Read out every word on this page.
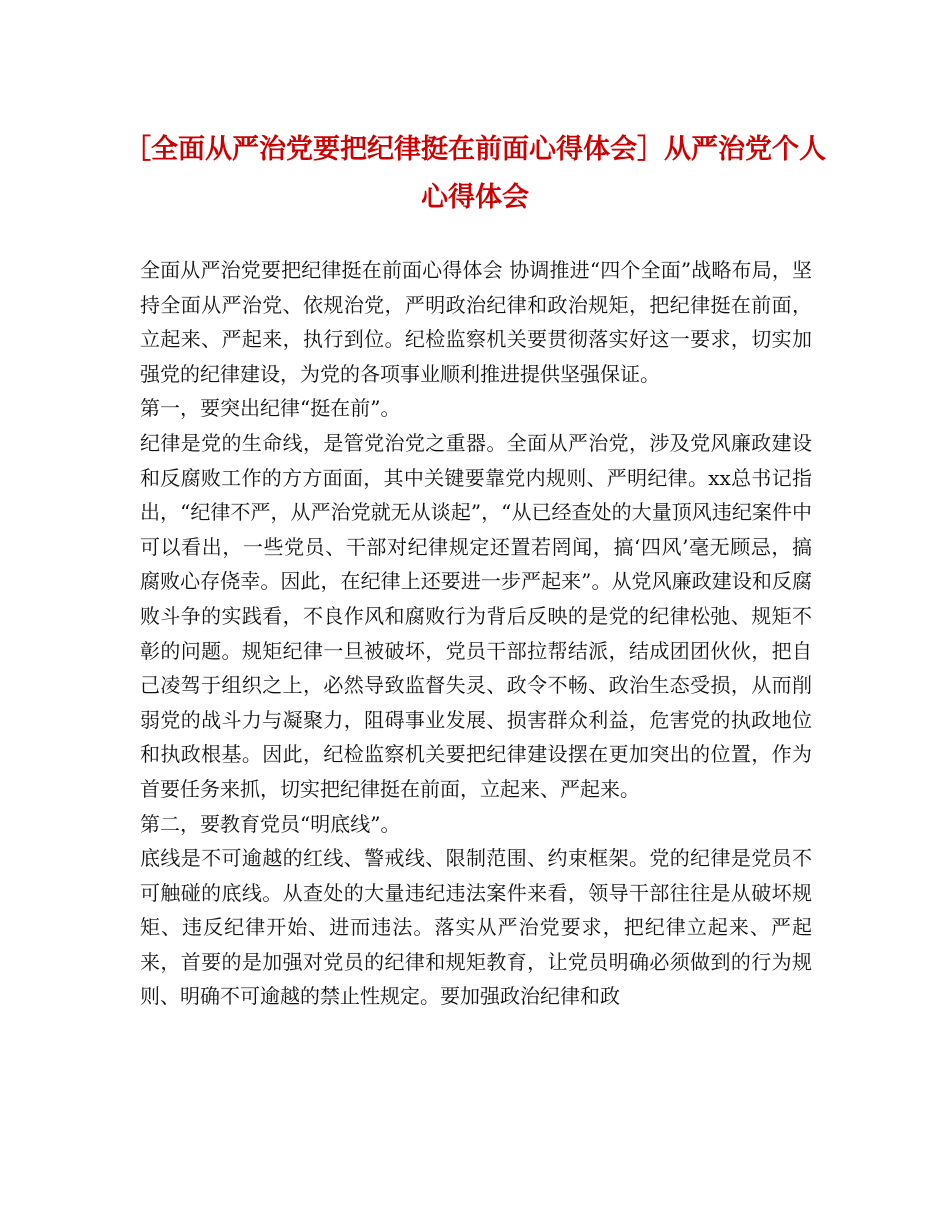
［全面从严治党要把纪律挺在前面心得体会］从严治党个人心得体会

全面从严治党要把纪律挺在前面心得体会 协调推进“四个全面”战略布局，坚持全面从严治党、依规治党，严明政治纪律和政治规矩，把纪律挺在前面，立起来、严起来，执行到位。纪检监察机关要贯彻落实好这一要求，切实加强党的纪律建设，为党的各项事业顺利推进提供坚强保证。

第一，要突出纪律“挺在前”。

纪律是党的生命线，是管党治党之重器。全面从严治党，涉及党风廉政建设和反腐败工作的方方面面，其中关键要靠党内规则、严明纪律。xx总书记指出，“纪律不严，从严治党就无从谈起”，“从已经查处的大量顶风违纪案件中可以看出，一些党员、干部对纪律规定还置若罔闻，搞‘四风’毫无顾忌，搞腐败心存侥幸。因此，在纪律上还要进一步严起来”。从党风廉政建设和反腐败斗争的实践看，不良作风和腐败行为背后反映的是党的纪律松弛、规矩不彰的问题。规矩纪律一旦被破坏，党员干部拉帮结派，结成团团伙伙，把自己凌驾于组织之上，必然导致监督失灵、政令不畅、政治生态受损，从而削弱党的战斗力与凝聚力，阻碍事业发展、损害群众利益，危害党的执政地位和执政根基。因此，纪检监察机关要把纪律建设摆在更加突出的位置，作为首要任务来抓，切实把纪律挺在前面，立起来、严起来。

第二，要教育党员“明底线”。

底线是不可逾越的红线、警戒线、限制范围、约束框架。党的纪律是党员不可触碰的底线。从查处的大量违纪违法案件来看，领导干部往往是从破坏规矩、违反纪律开始、进而违法。落实从严治党要求，把纪律立起来、严起来，首要的是加强对党员的纪律和规矩教育，让党员明确必须做到的行为规则、明确不可逾越的禁止性规定。要加强政治纪律和政
